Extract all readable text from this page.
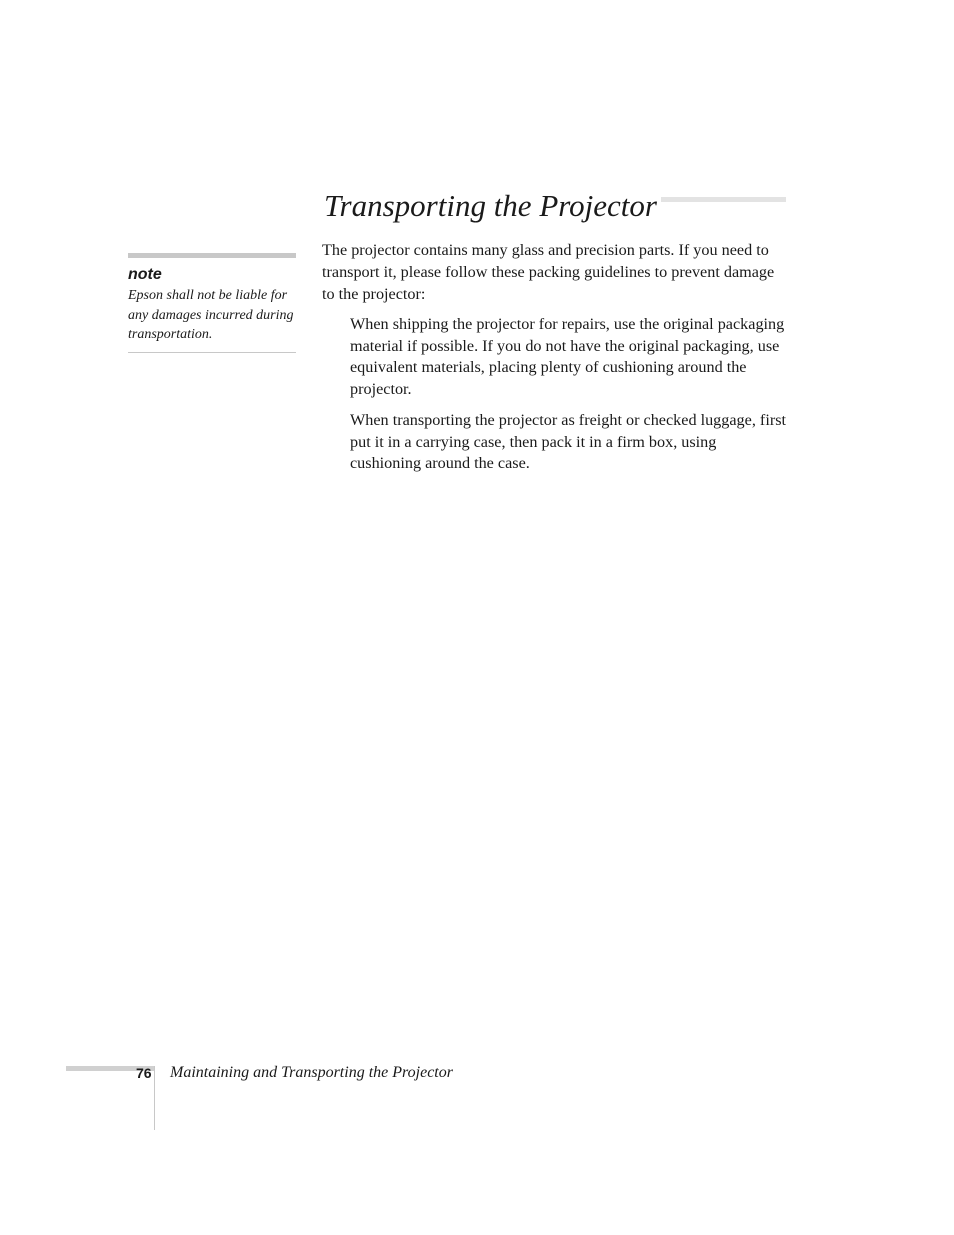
Transporting the Projector
note
Epson shall not be liable for any damages incurred during transportation.

The projector contains many glass and precision parts. If you need to transport it, please follow these packing guidelines to prevent damage to the projector:

When shipping the projector for repairs, use the original packaging material if possible. If you do not have the original packaging, use equivalent materials, placing plenty of cushioning around the projector.

When transporting the projector as freight or checked luggage, first put it in a carrying case, then pack it in a firm box, using cushioning around the case.

76 Maintaining and Transporting the Projector
